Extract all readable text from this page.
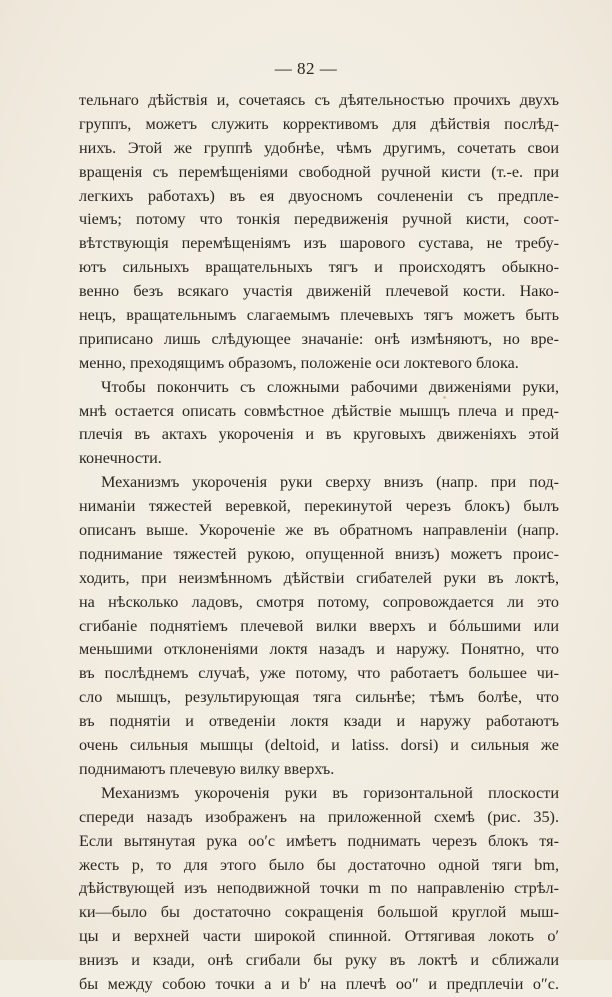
— 82 —
тельнаго дѣйствія и, сочетаясь съ дѣятельностью прочихъ двухъ
группъ, можетъ служить коррективомъ для дѣйствія послѣд-
нихъ. Этой же группѣ удобнѣе, чѣмъ другимъ, сочетать свои
вращенія съ перемѣщеніями свободной ручной кисти (т.-е. при
легкихъ работахъ) въ ея двуосномъ сочлененіи съ предпле-
чіемъ; потому что тонкія передвиженія ручной кисти, соот-
вѣтствующія перемѣщеніямъ изъ шарового сустава, не требу-
ютъ сильныхъ вращательныхъ тягъ и происходятъ обыкно-
венно безъ всякаго участія движеній плечевой кости. Нако-
нецъ, вращательнымъ слагаемымъ плечевыхъ тягъ можетъ быть
приписано лишь слѣдующее значаніе: онѣ измѣняютъ, но вре-
менно, преходящимъ образомъ, положеніе оси локтевого блока.
Чтобы покончить съ сложными рабочими движеніями руки,
мнѣ остается описать совмѣстное дѣйствіе мышцъ плеча и пред-
плечія въ актахъ укороченія и въ круговыхъ движеніяхъ этой
конечности.
Механизмъ укороченія руки сверху внизъ (напр. при под-
ниманіи тяжестей веревкой, перекинутой черезъ блокъ) былъ
описанъ выше. Укороченіе же въ обратномъ направленіи (напр.
поднимание тяжестей рукою, опущенной внизъ) можетъ проис-
ходить, при неизмѣнномъ дѣйствіи сгибателей руки въ локтѣ,
на нѣсколько ладовъ, смотря потому, сопровождается ли это
сгибаніе поднятіемъ плечевой вилки вверхъ и бóльшими или
меньшими отклоненіями локтя назадъ и наружу. Понятно, что
въ послѣднемъ случаѣ, уже потому, что работаетъ большее чи-
сло мышцъ, результирующая тяга сильнѣе; тѣмъ болѣе, что
въ поднятіи и отведеніи локтя кзади и наружу работаютъ
очень сильныя мышцы (deltoid, и latiss. dorsi) и сильныя же
поднимаютъ плечевую вилку вверхъ.
Механизмъ укороченія руки въ горизонтальной плоскости
спереди назадъ изображенъ на приложенной схемѣ (рис. 35).
Если вытянутая рука oo′c имѣетъ поднимать черезъ блокъ тя-
жесть p, то для этого было бы достаточно одной тяги bm,
дѣйствующей изъ неподвижной точки m по направленію стрѣл-
ки—было бы достаточно сокращенія большой круглой мыш-
цы и верхней части широкой спинной. Оттягивая локоть o′
внизъ и кзади, онѣ сгибали бы руку въ локтѣ и сближали
бы между собою точки a и b′ на плечѣ oo″ и предплечіи o″c.
